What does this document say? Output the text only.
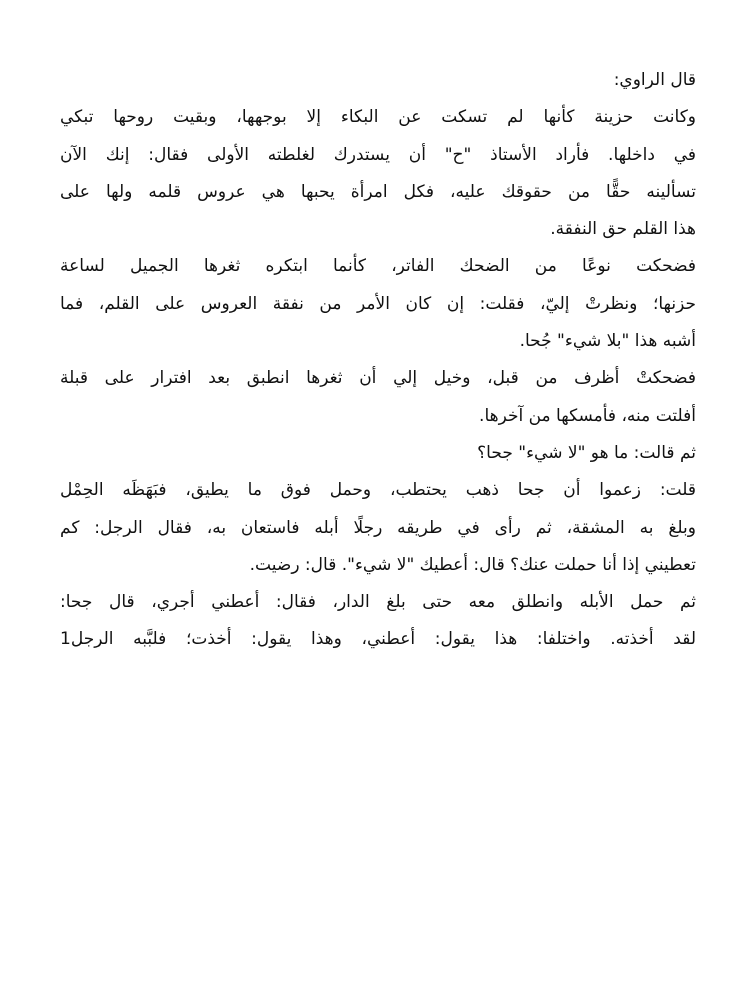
قال الراوي:
وكانت حزينة كأنها لم تسكت عن البكاء إلا بوجهها، وبقيت روحها تبكي
في داخلها. فأراد الأستاذ "ح" أن يستدرك لغلطته الأولى فقال: إنك الآن
تسألينه حقًّا من حقوقك عليه، فكل امرأة يحبها هي عروس قلمه ولها على
هذا القلم حق النفقة.
فضحكت نوعًا من الضحك الفاتر، كأنما ابتكره ثغرها الجميل لساعة
حزنها؛ ونظرتْ إليّ، فقلت: إن كان الأمر من نفقة العروس على القلم، فما
أشبه هذا "بلا شيء" جُحا.
فضحكتْ أظرف من قبل، وخيل إلي أن ثغرها انطبق بعد افترار على قبلة
أفلتت منه، فأمسكها من آخرها.
ثم قالت: ما هو "لا شيء" جحا؟
قلت: زعموا أن جحا ذهب يحتطب، وحمل فوق ما يطيق، فبَهَظَه الحِمْل
وبلغ به المشقة، ثم رأى في طريقه رجلًا أبله فاستعان به، فقال الرجل: كم
تعطيني إذا أنا حملت عنك؟ قال: أعطيك "لا شيء". قال: رضيت.
ثم حمل الأبله وانطلق معه حتى بلغ الدار، فقال: أعطني أجري، قال جحا:
لقد أخذته. واختلفا: هذا يقول: أعطني، وهذا يقول: أخذت؛ فلبَّبه الرجل1
